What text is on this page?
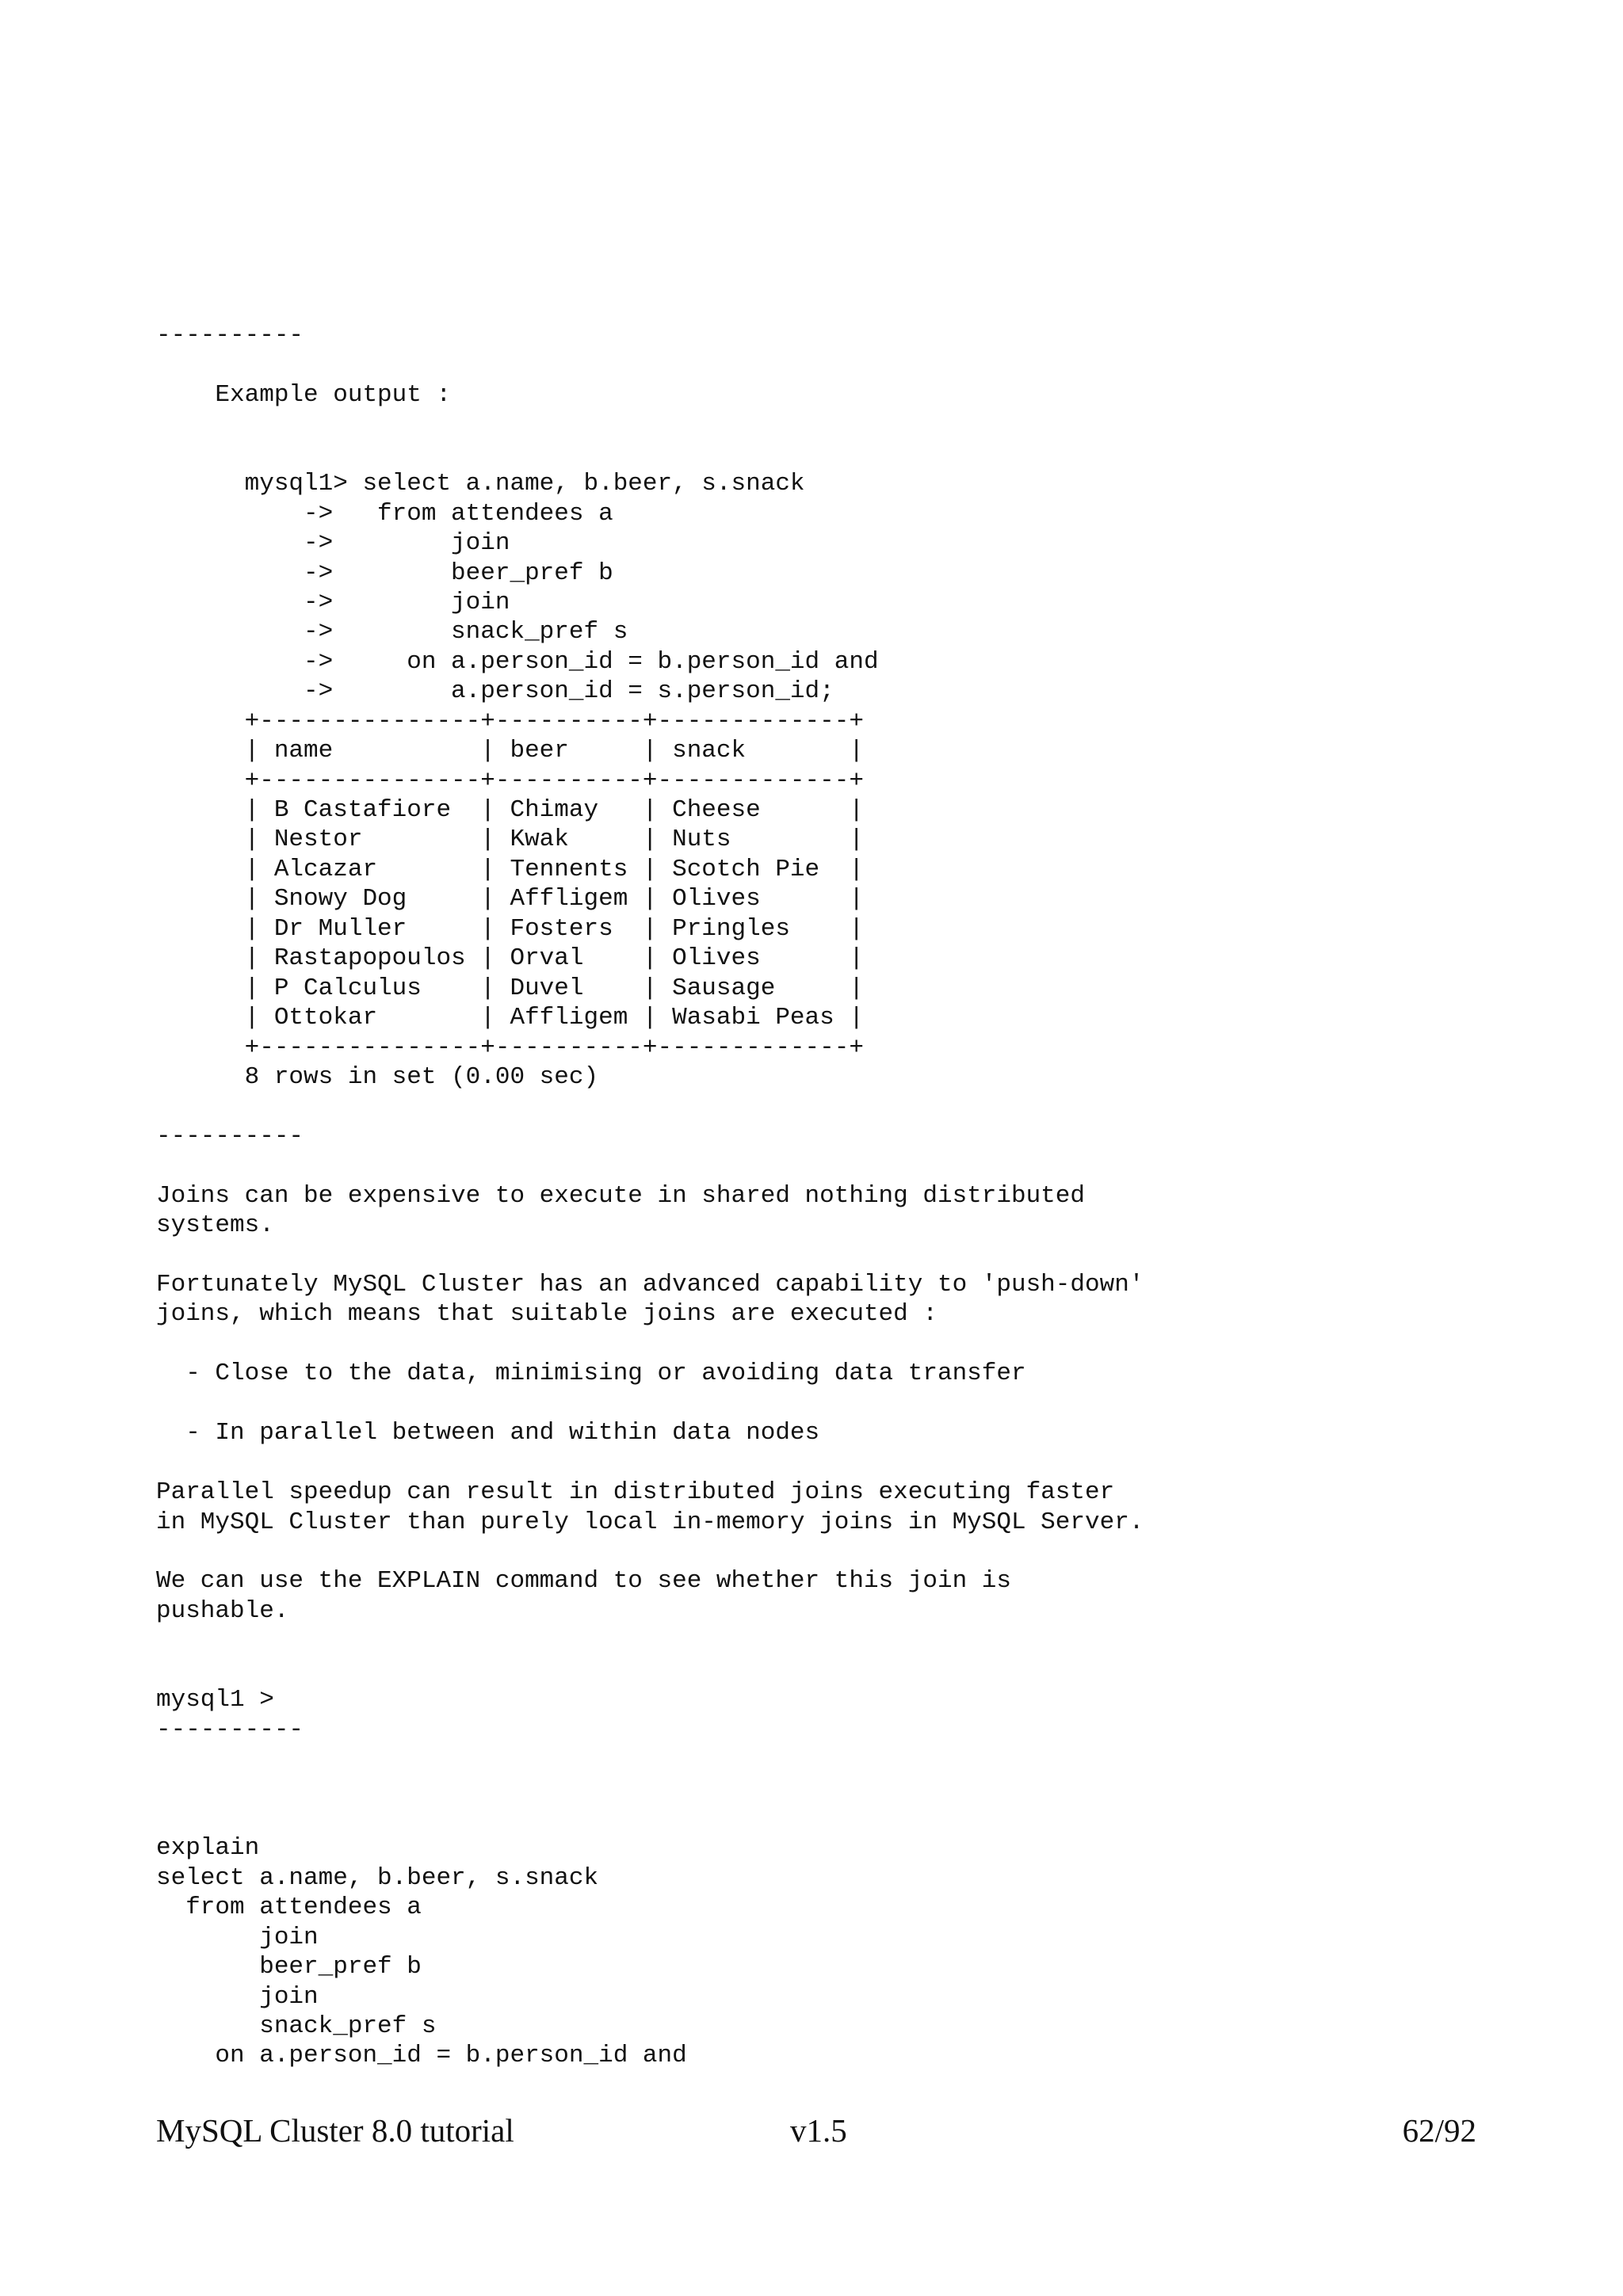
----------
Example output :
mysql1> select a.name, b.beer, s.snack
->   from attendees a
->        join
->        beer_pref b
->        join
->        snack_pref s
->     on a.person_id = b.person_id and
->        a.person_id = s.person_id;
+---------------+----------+-------------+
| name          | beer     | snack       |
+---------------+----------+-------------+
| B Castafiore  | Chimay   | Cheese      |
| Nestor        | Kwak     | Nuts        |
| Alcazar       | Tennents | Scotch Pie  |
| Snowy Dog     | Affligem | Olives      |
| Dr Muller     | Fosters  | Pringles    |
| Rastapopoulos | Orval    | Olives      |
| P Calculus    | Duvel    | Sausage     |
| Ottokar       | Affligem | Wasabi Peas |
+---------------+----------+-------------+
8 rows in set (0.00 sec)
----------
Joins can be expensive to execute in shared nothing distributed
systems.
Fortunately MySQL Cluster has an advanced capability to 'push-down'
joins, which means that suitable joins are executed :
- Close to the data, minimising or avoiding data transfer
- In parallel between and within data nodes
Parallel speedup can result in distributed joins executing faster
in MySQL Cluster than purely local in-memory joins in MySQL Server.
We can use the EXPLAIN command to see whether this join is
pushable.
mysql1 >
----------
explain
select a.name, b.beer, s.snack
from attendees a
join
beer_pref b
join
snack_pref s
on a.person_id = b.person_id and
MySQL Cluster 8.0 tutorial	v1.5	62/92
